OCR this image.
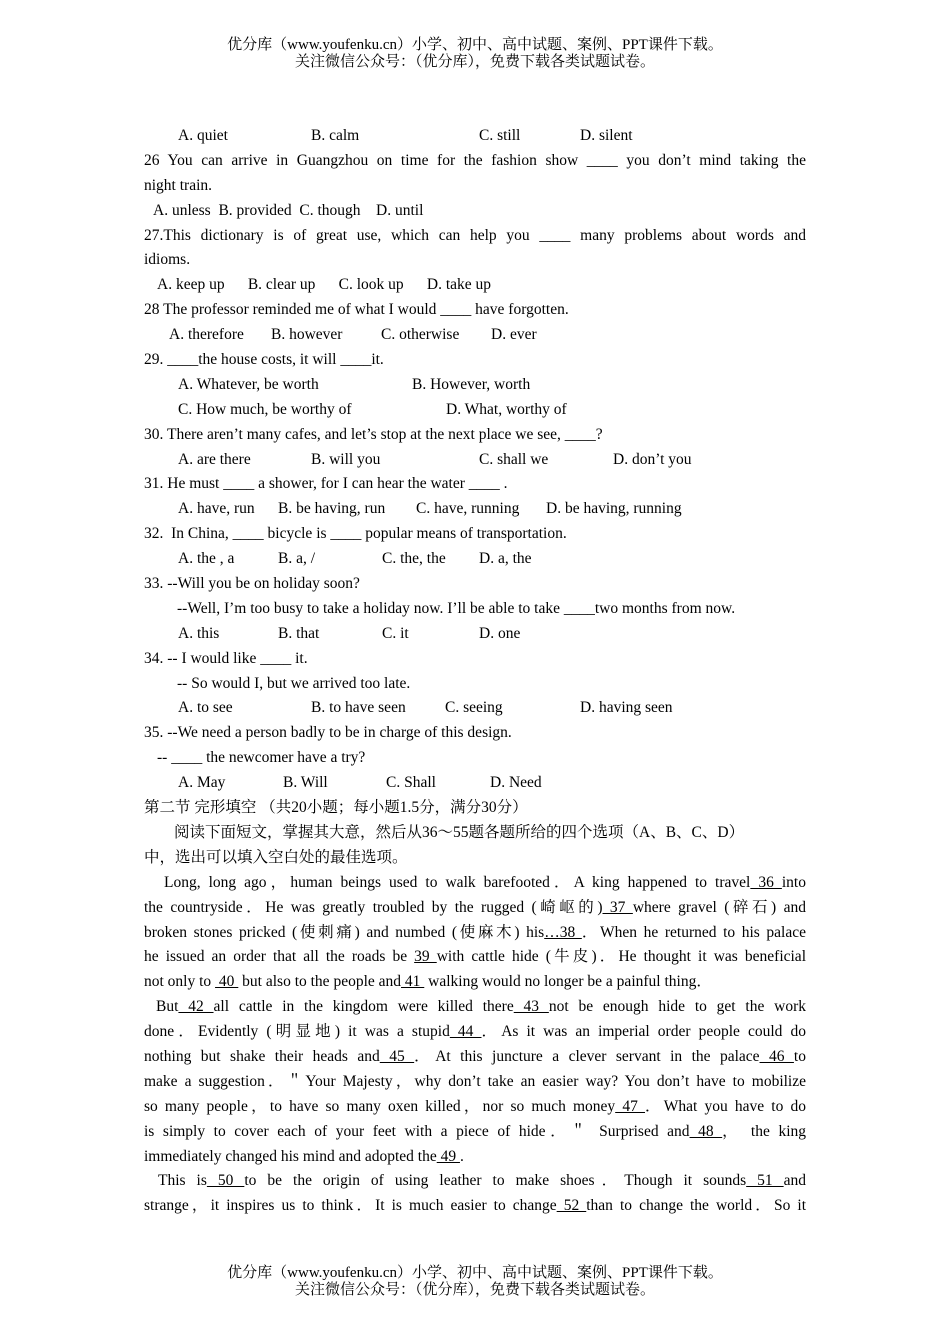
优分库（www.youfenku.cn）小学、初中、高中试题、案例、PPT课件下载。
关注微信公众号：（优分库），免费下载各类试题试卷。
A. quiet	B. calm	C. still	D. silent
26 You can arrive in Guangzhou on time for the fashion show ____ you don’t mind taking the
night train.
A. unless  B. provided  C. though    D. until
27.This dictionary is of great use, which can help you ____ many problems about words and
idioms.
A. keep up      B. clear up      C. look up      D. take up
28 The professor reminded me of what I would ____ have forgotten.
A. therefore B. however C. otherwise D. ever
29. ____the house costs, it will ____it.
A. Whatever, be worth	B. However, worth
C. How much, be worthy of	D. What, worthy of
30. There aren’t many cafes, and let’s stop at the next place we see, ____?
A. are there	B. will you	C. shall we	D. don’t you
31. He must ____ a shower, for I can hear the water ____ .
A. have, run B. be having, run C. have, running D. be having, running
32.  In China, ____ bicycle is ____ popular means of transportation.
A. the , a	B. a, /	C. the, the D. a, the
33. --Will you be on holiday soon?
--Well, I’m too busy to take a holiday now. I’ll be able to take ____two months from now.
A. this	B. that	C. it	D. one
34. -- I would like ____ it.
-- So would I, but we arrived too late.
A. to see	B. to have seen	C. seeing	D. having seen
35. --We need a person badly to be in charge of this design.
-- ____ the newcomer have a try?
A. May	B. Will	C. Shall	D. Need
第二节 完形填空 （共20小题；每小题1.5分，满分30分）
阅读下面短文，掌握其大意，然后从36～55题各题所给的四个选项（A、B、C、D）
中，选出可以填入空白处的最佳选项。
Long, long ago，human beings used to walk barefooted．A king happened to travel 36 into
the countryside．He was greatly troubled by the rugged (崎岖的) 37 where gravel (碎石) and
broken stones pricked (使刺痛) and numbed (使麻木) his…38 ．When he returned to his palace
he issued an order that all the roads be 39 with cattle hide (牛皮)．He thought it was beneficial
not only to  40  but also to the people and 41  walking would no longer be a painful thing．
But 42 all cattle in the kingdom were killed there 43 not be enough hide to get the work
done．Evidently (明显地) it was a stupid 44 ．As it was an imperial order people could do
nothing but shake their heads and 45 ．At this juncture a clever servant in the palace 46 to
make a suggestion．＂Your Majesty，why don’t take an easier way? You don’t have to mobilize
so many people，to have so many oxen killed，nor so much money 47 ．What you have to do
is simply to cover each of your feet with a piece of hide．＂ Surprised and 48 ， the king
immediately changed his mind and adopted the 49 .
This is 50 to be the origin of using leather to make shoes．Though it sounds 51 and
strange，it inspires us to think．It is much easier to change 52 than to change the world．So it
优分库（www.youfenku.cn）小学、初中、高中试题、案例、PPT课件下载。
关注微信公众号：（优分库），免费下载各类试题试卷。
